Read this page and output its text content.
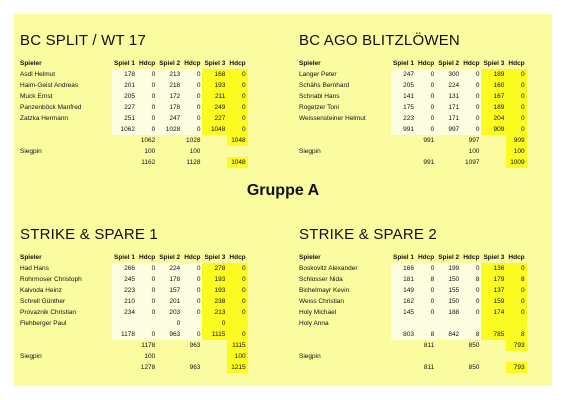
Gruppe A
BC SPLIT / WT 17
Spieler	Spiel 1	Hdcp	Spiel 2	Hdcp	Spiel 3	Hdcp
Asdl Helmut	178	0	213	0	168	0
Haim-Geist Andreas	201	0	218	0	193	0
Muck Ernst	205	0	172	0	211	0
Panzenböck Manfred	227	0	178	0	249	0
Zatzka Hermann	251	0	247	0	227	0
	1062	0	1028	0	1048	0
		1062		1028		1048
Siegpin		100		100		
		1162		1128		1048
BC AGO BLITZLÖWEN
Spieler	Spiel 1	Hdcp	Spiel 2	Hdcp	Spiel 3	Hdcp
Langer Peter	247	0	300	0	189	0
Schähs Bernhard	205	0	224	0	160	0
Schnabl Hans	141	0	131	0	167	0
Rogetzer Toni	175	0	171	0	189	0
Weissensteiner Helmut	223	0	171	0	204	0
	991	0	997	0	909	0
		991		997		909
Siegpin				100		100
		991		1097		1009
STRIKE & SPARE 1
Spieler	Spiel 1	Hdcp	Spiel 2	Hdcp	Spiel 3	Hdcp
Had Hans	266	0	224	0	278	0
Rohrmoser Christoph	245	0	178	0	193	0
Kalvoda Heinz	223	0	157	0	193	0
Schrell Günther	210	0	201	0	238	0
Provaznik Christian	234	0	203	0	213	0
Flehberger Paul			0		0	
	1178	0	963	0	1115	0
		1178		963		1115
Siegpin		100				100
		1278		963		1215
STRIKE & SPARE 2
Spieler	Spiel 1	Hdcp	Spiel 2	Hdcp	Spiel 3	Hdcp
Boskovitz Alexander	166	0	199	0	136	0
Schlosser Nida	181	8	150	8	179	8
Bichelmayr Kevin	149	0	155	0	137	0
Weiss Christian	162	0	150	0	159	0
Holy Michael	145	0	188	0	174	0
Holy Anna						
	803	8	842	8	785	8
		811		850		793
Siegpin						
		811		850		793
